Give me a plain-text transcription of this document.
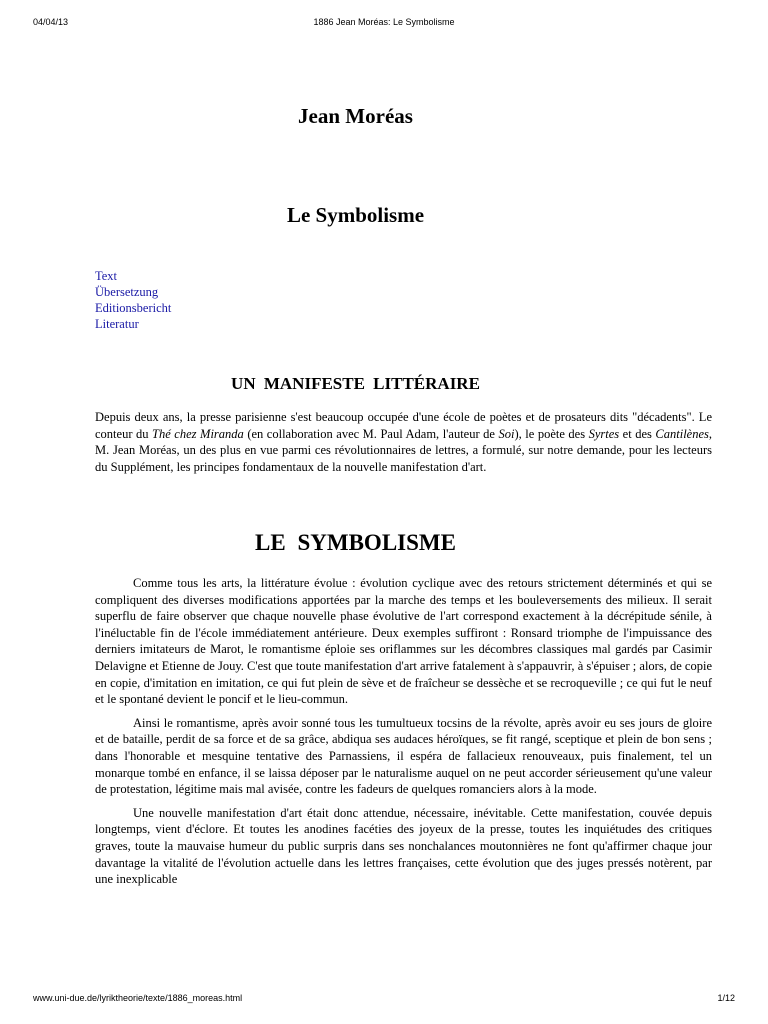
04/04/13	1886 Jean Moréas: Le Symbolisme
Jean Moréas
Le Symbolisme
Text
Übersetzung
Editionsbericht
Literatur
UN MANIFESTE LITTÉRAIRE
Depuis deux ans, la presse parisienne s'est beaucoup occupée d'une école de poètes et de prosateurs dits "décadents". Le conteur du Thé chez Miranda (en collaboration avec M. Paul Adam, l'auteur de Soi), le poète des Syrtes et des Cantilènes, M. Jean Moréas, un des plus en vue parmi ces révolutionnaires de lettres, a formulé, sur notre demande, pour les lecteurs du Supplément, les principes fondamentaux de la nouvelle manifestation d'art.
LE SYMBOLISME

Comme tous les arts, la littérature évolue : évolution cyclique avec des retours strictement déterminés et qui se compliquent des diverses modifications apportées par la marche des temps et les bouleversements des milieux. Il serait superflu de faire observer que chaque nouvelle phase évolutive de l'art correspond exactement à la décrépitude sénile, à l'inéluctable fin de l'école immédiatement antérieure. Deux exemples suffiront : Ronsard triomphe de l'impuissance des derniers imitateurs de Marot, le romantisme éploie ses oriflammes sur les décombres classiques mal gardés par Casimir Delavigne et Etienne de Jouy. C'est que toute manifestation d'art arrive fatalement à s'appauvrir, à s'épuiser ; alors, de copie en copie, d'imitation en imitation, ce qui fut plein de sève et de fraîcheur se dessèche et se recroqueville ; ce qui fut le neuf et le spontané devient le poncif et le lieu-commun.

Ainsi le romantisme, après avoir sonné tous les tumultueux tocsins de la révolte, après avoir eu ses jours de gloire et de bataille, perdit de sa force et de sa grâce, abdiqua ses audaces héroïques, se fit rangé, sceptique et plein de bon sens ; dans l'honorable et mesquine tentative des Parnassiens, il espéra de fallacieux renouveaux, puis finalement, tel un monarque tombé en enfance, il se laissa déposer par le naturalisme auquel on ne peut accorder sérieusement qu'une valeur de protestation, légitime mais mal avisée, contre les fadeurs de quelques romanciers alors à la mode.

Une nouvelle manifestation d'art était donc attendue, nécessaire, inévitable. Cette manifestation, couvée depuis longtemps, vient d'éclore. Et toutes les anodines facéties des joyeux de la presse, toutes les inquiétudes des critiques graves, toute la mauvaise humeur du public surpris dans ses nonchalances moutonnières ne font qu'affirmer chaque jour davantage la vitalité de l'évolution actuelle dans les lettres françaises, cette évolution que des juges pressés notèrent, par une inexplicable

www.uni-due.de/lyriktheorie/texte/1886_moreas.html	1/12
